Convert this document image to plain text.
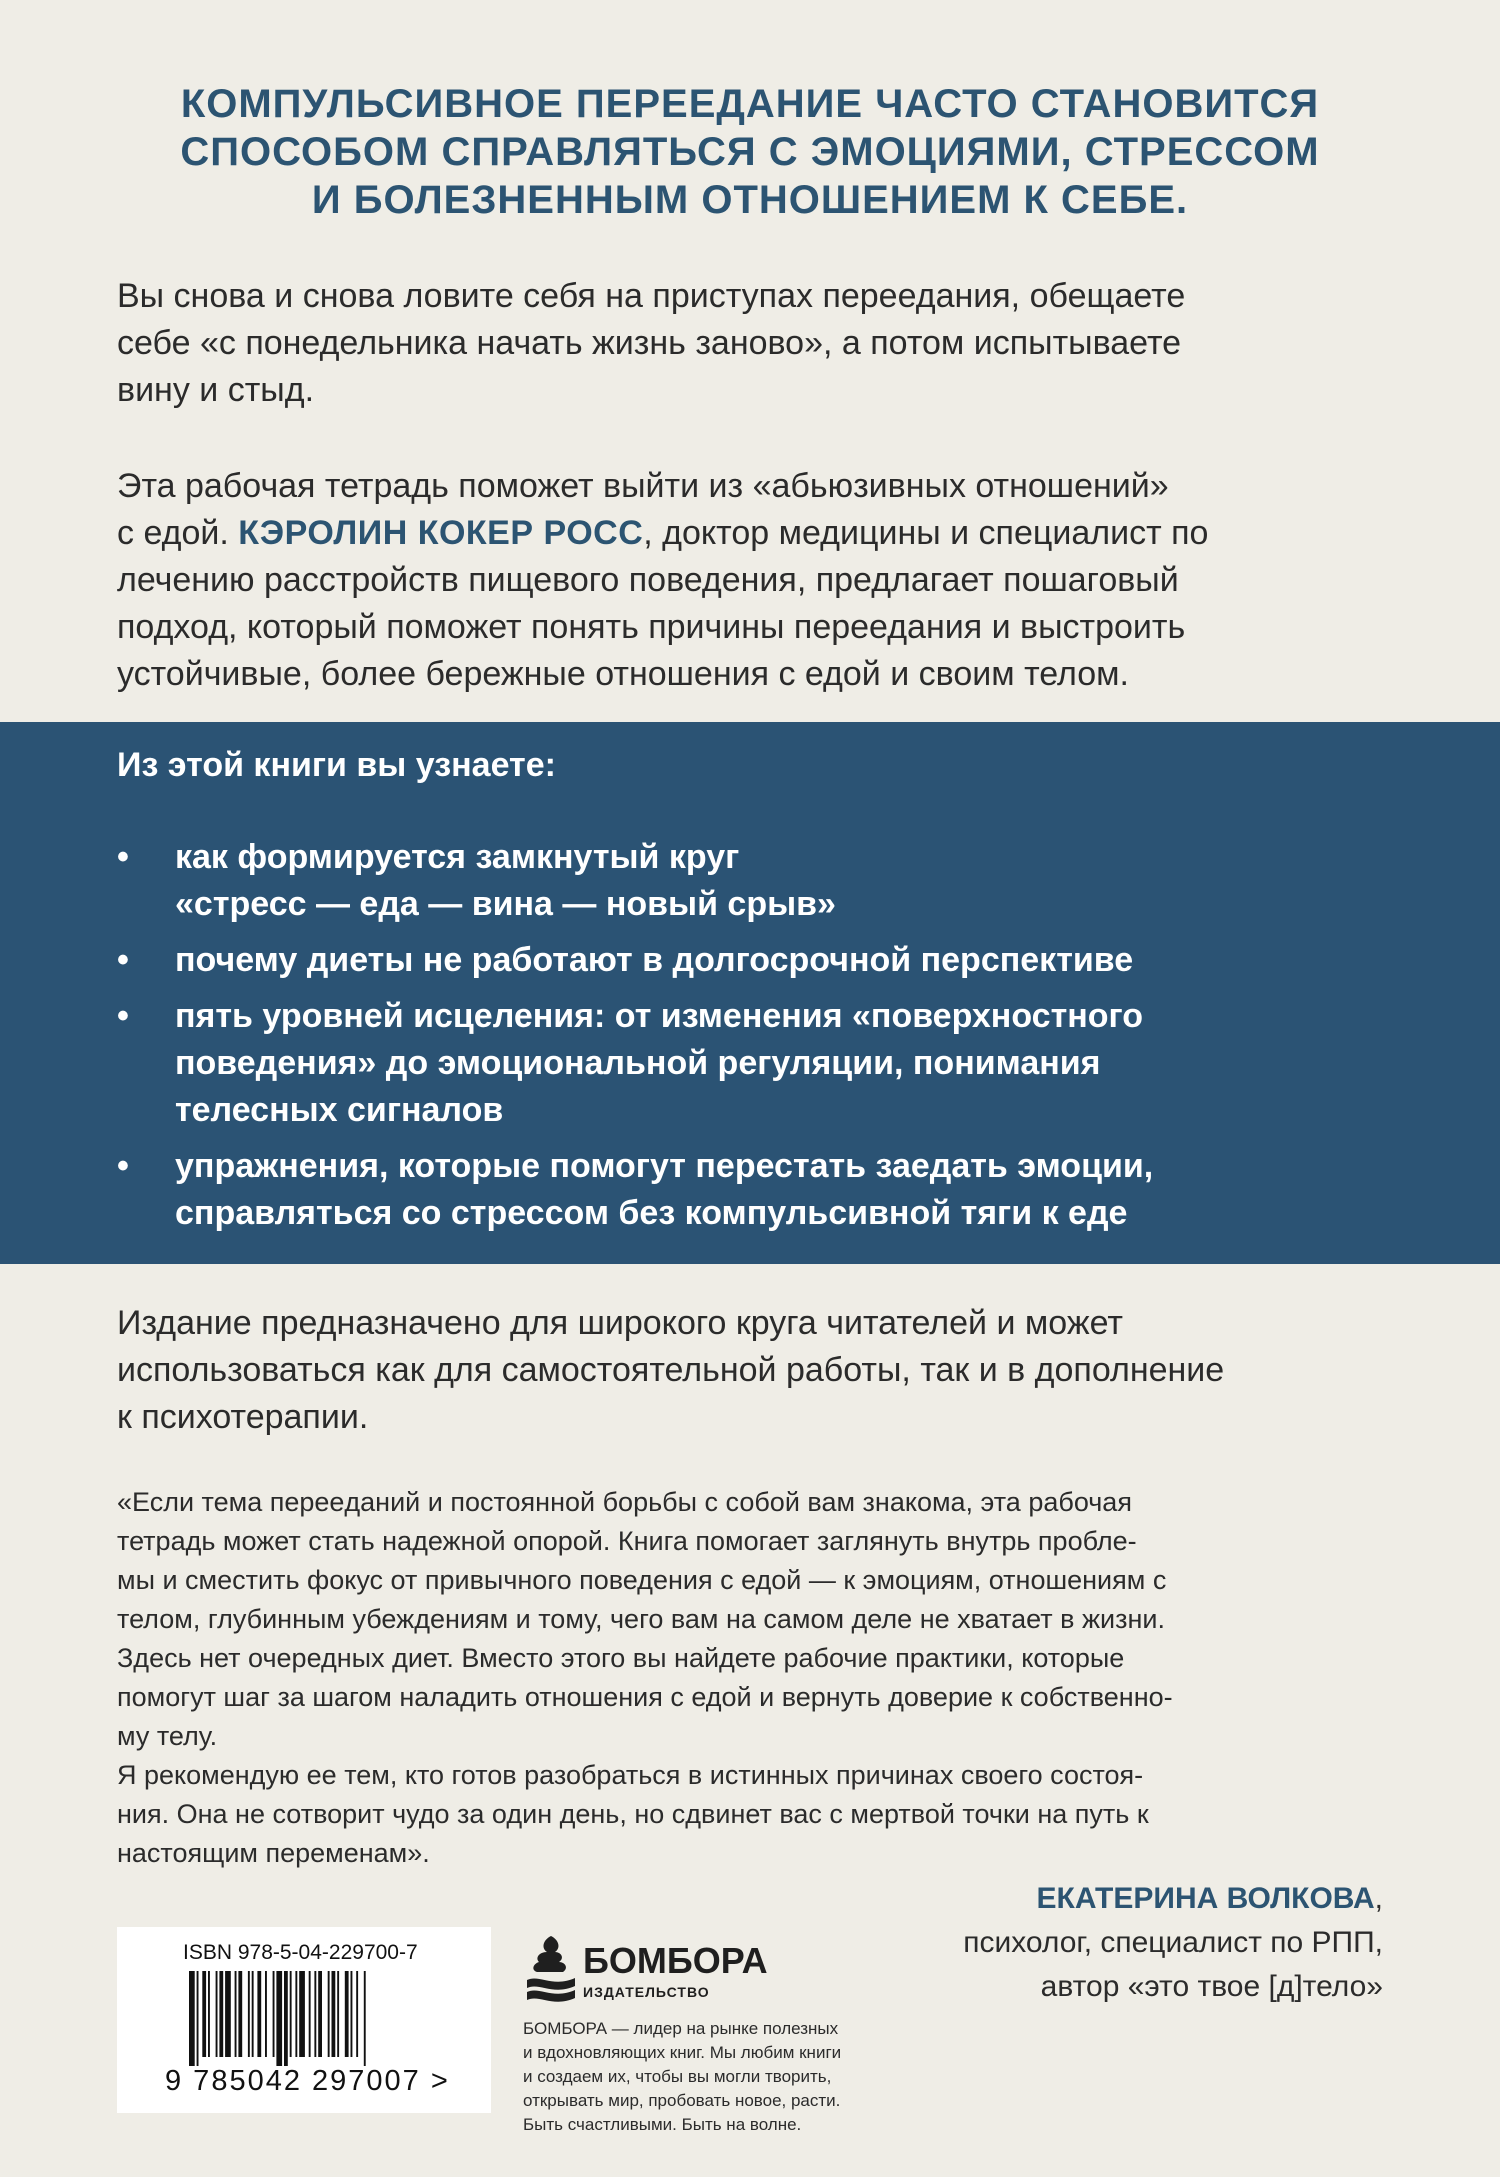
КОМПУЛЬСИВНОЕ ПЕРЕЕДАНИЕ ЧАСТО СТАНОВИТСЯ
СПОСОБОМ СПРАВЛЯТЬСЯ С ЭМОЦИЯМИ, СТРЕССОМ
И БОЛЕЗНЕННЫМ ОТНОШЕНИЕМ К СЕБЕ.
Вы снова и снова ловите себя на приступах переедания, обещаете
себе «с понедельника начать жизнь заново», а потом испытываете
вину и стыд.
Эта рабочая тетрадь поможет выйти из «абьюзивных отношений»
с едой. КЭРОЛИН КОКЕР РОСС, доктор медицины и специалист по
лечению расстройств пищевого поведения, предлагает пошаговый
подход, который поможет понять причины переедания и выстроить
устойчивые, более бережные отношения с едой и своим телом.
Из этой книги вы узнаете:
• как формируется замкнутый круг
«стресс — еда — вина — новый срыв»
• почему диеты не работают в долгосрочной перспективе
• пять уровней исцеления: от изменения «поверхностного
поведения» до эмоциональной регуляции, понимания
телесных сигналов
• упражнения, которые помогут перестать заедать эмоции,
справляться со стрессом без компульсивной тяги к еде
Издание предназначено для широкого круга читателей и может
использоваться как для самостоятельной работы, так и в дополнение
к психотерапии.
«Если тема переeданий и постоянной борьбы с собой вам знакома, эта рабочая
тетрадь может стать надежной опорой. Книга помогает заглянуть внутрь пробле-
мы и сместить фокус от привычного поведения с едой — к эмоциям, отношениям с
телом, глубинным убеждениям и тому, чего вам на самом деле не хватает в жизни.
Здесь нет очередных диет. Вместо этого вы найдете рабочие практики, которые
помогут шаг за шагом наладить отношения с едой и вернуть доверие к собственно-
му телу.
Я рекомендую ее тем, кто готов разобраться в истинных причинах своего состоя-
ния. Она не сотворит чудо за один день, но сдвинет вас с мертвой точки на путь к
настоящим переменам».
ЕКАТЕРИНА ВОЛКОВА,
психолог, специалист по РПП,
автор «это твое [д]тело»
ISBN 978-5-04-229700-7
9 785042 297007 >
БОМБОРА
ИЗДАТЕЛЬСТВО
БОМБОРА — лидер на рынке полезных
и вдохновляющих книг. Мы любим книги
и создаем их, чтобы вы могли творить,
открывать мир, пробовать новое, расти.
Быть счастливыми. Быть на волне.
